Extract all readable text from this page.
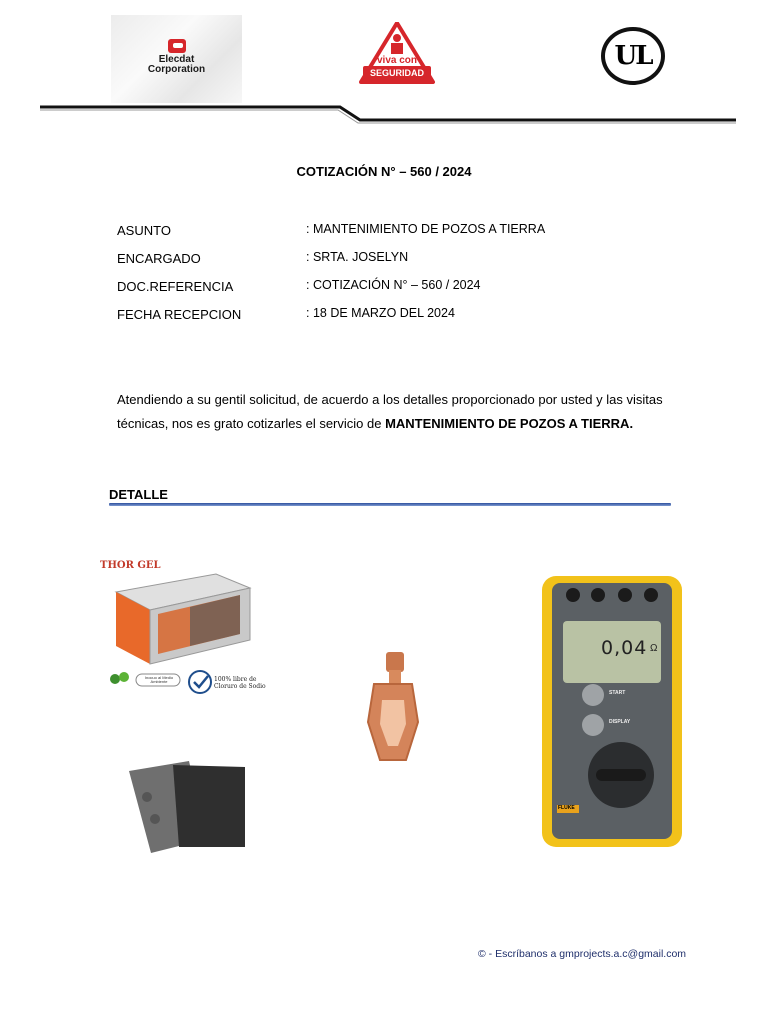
Elecdat
Corporation
viva con
SEGURIDAD
UL
COTIZACIÓN N° – 560 / 2024
ASUNTO	: MANTENIMIENTO DE POZOS A TIERRA
ENCARGADO	: SRTA. JOSELYN
DOC.REFERENCIA	: COTIZACIÓN N° – 560 / 2024
FECHA RECEPCION	: 18 DE MARZO DEL 2024
Atendiendo a su gentil solicitud, de acuerdo a los detalles proporcionado por usted y las visitas técnicas, nos es grato cotizarles el servicio de MANTENIMIENTO DE POZOS A TIERRA.
DETALLE
THOR GEL
Inocuo al Medio Ambiente	100% libre de Cloruro de Sodio
0,04 Ω
START
DISPLAY
FLUKE
© - Escríbanos a gmprojects.a.c@gmail.com
